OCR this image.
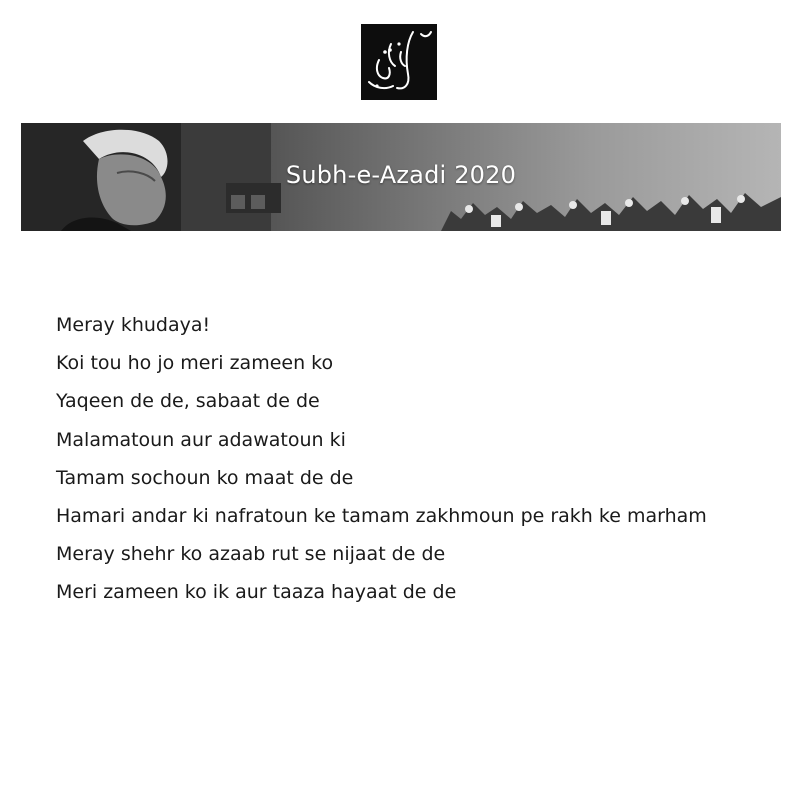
Subh-e-Azadi 2020
Meray khudaya!
Koi tou ho jo meri zameen ko
Yaqeen de de, sabaat de de
Malamatoun aur adawatoun ki
Tamam sochoun ko maat de de
Hamari andar ki nafratoun ke tamam zakhmoun pe rakh ke marham
Meray shehr ko azaab rut se nijaat de de
Meri zameen ko ik aur taaza hayaat de de
